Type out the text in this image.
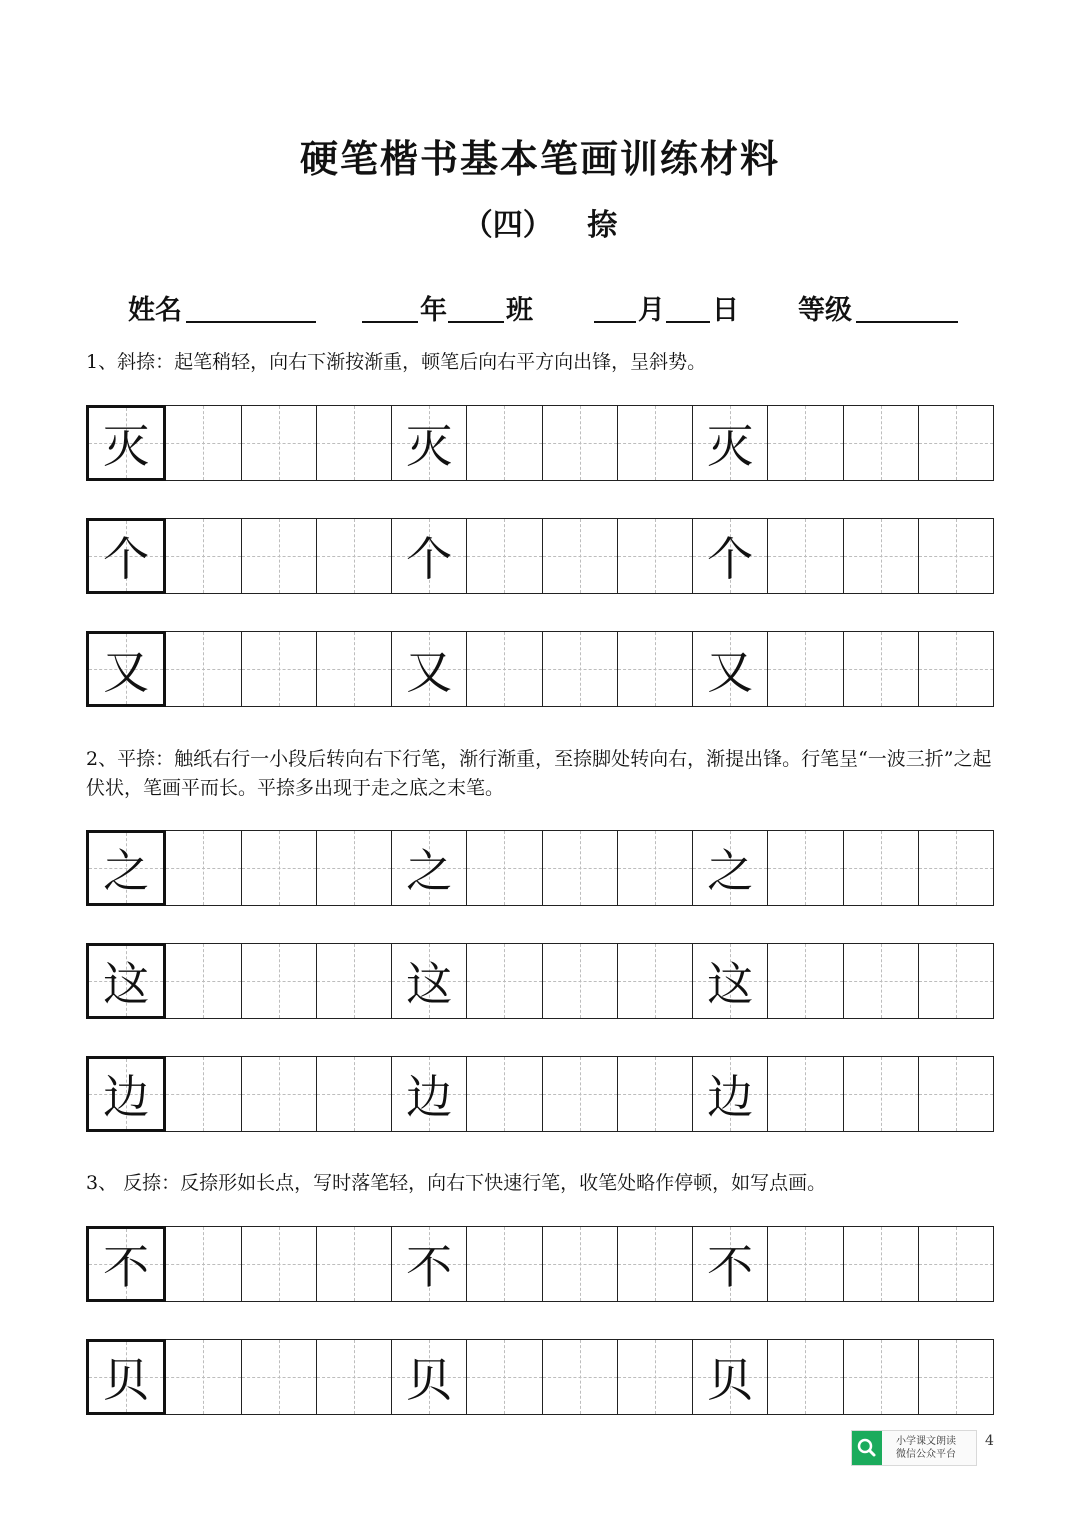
硬笔楷书基本笔画训练材料
（四） 捺
姓名	年 班	月 日 等级

1、斜捺：起笔稍轻，向右下渐按渐重，顿笔后向右平方向出锋，呈斜势。

灭	灭	灭
个	个	个
又	又	又

2、平捺：触纸右行一小段后转向右下行笔，渐行渐重，至捺脚处转向右，渐提出锋。行笔呈“一波三折”之起伏状，笔画平而长。平捺多出现于走之底之末笔。

之	之	之
这	这	这
边	边	边

3、 反捺：反捺形如长点，写时落笔轻，向右下快速行笔，收笔处略作停顿，如写点画。

不	不	不
贝	贝	贝
小学课文朗读
微信公众平台
4
